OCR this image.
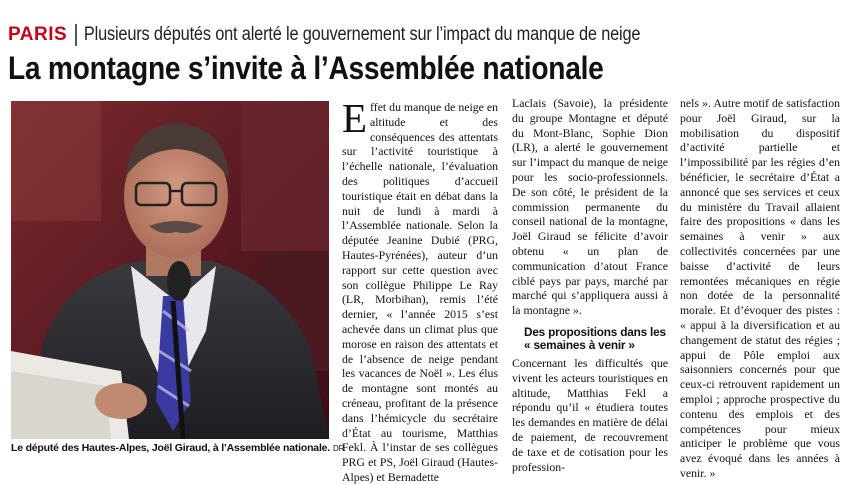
PARIS Plusieurs députés ont alerté le gouvernement sur l’impact du manque de neige
La montagne s’invite à l’Assemblée nationale
Le député des Hautes-Alpes, Joël Giraud, à l’Assemblée nationale. DR

Effet du manque de neige en altitude et des conséquences des attentats sur l’activité touristique à l’échelle nationale, l’évaluation des politiques d’accueil touristique était en débat dans la nuit de lundi à mardi à l’Assemblée nationale. Selon la députée Jeanine Dubié (PRG, Hautes-Pyrénées), auteur d’un rapport sur cette question avec son collègue Philippe Le Ray (LR, Morbihan), remis l’été dernier, « l’année 2015 s’est achevée dans un climat plus que morose en raison des attentats et de l’absence de neige pendant les vacances de Noël ». Les élus de montagne sont montés au créneau, profitant de la présence dans l’hémicycle du secrétaire d’État au tourisme, Matthias Fekl. À l’instar de ses collègues PRG et PS, Joël Giraud (Hautes-Alpes) et Bernadette

Laclais (Savoie), la présidente du groupe Montagne et député du Mont-Blanc, Sophie Dion (LR), a alerté le gouvernement sur l’impact du manque de neige pour les socio-professionnels. De son côté, le président de la commission permanente du conseil national de la montagne, Joël Giraud se félicite d’avoir obtenu « un plan de communication d’atout France ciblé pays par pays, marché par marché qui s’appliquera aussi à la montagne ».

Des propositions dans les « semaines à venir »

Concernant les difficultés que vivent les acteurs touristiques en altitude, Matthias Fekl a répondu qu’il « étudiera toutes les demandes en matière de délai de paiement, de recouvrement de taxe et de cotisation pour les profession-

nels ». Autre motif de satisfaction pour Joël Giraud, sur la mobilisation du dispositif d’activité partielle et l’impossibilité par les régies d’en bénéficier, le secrétaire d’État a annoncé que ses services et ceux du ministère du Travail allaient faire des propositions « dans les semaines à venir » aux collectivités concernées par une baisse d’activité de leurs remontées mécaniques en régie non dotée de la personnalité morale. Et d’évoquer des pistes : « appui à la diversification et au changement de statut des régies ; appui de Pôle emploi aux saisonniers concernés pour que ceux-ci retrouvent rapidement un emploi ; approche prospective du contenu des emplois et des compétences pour mieux anticiper le problème que vous avez évoqué dans les années à venir. »
